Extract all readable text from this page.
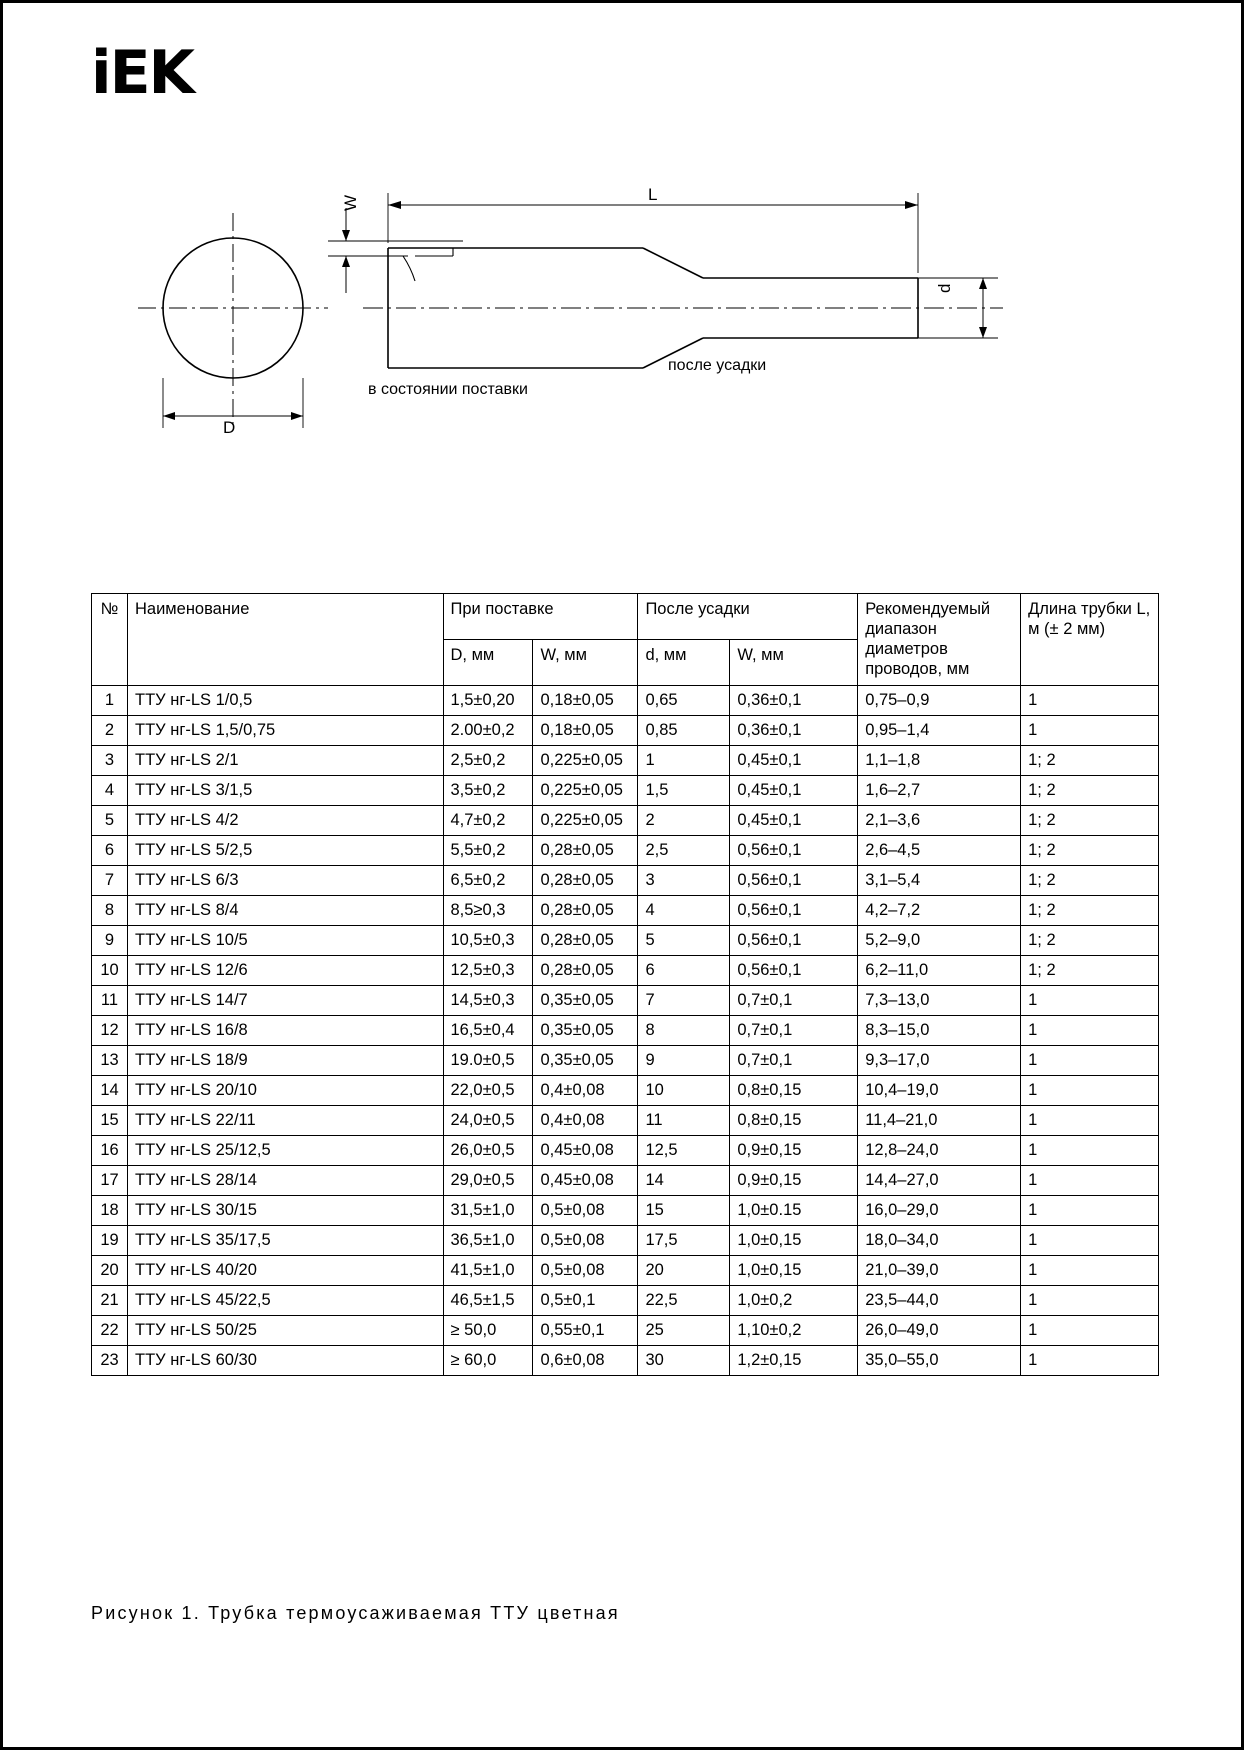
iEK
L
W
D
d
в состоянии поставки
после усадки
№	Наименование	При поставке		После усадки		Рекомендуемый диапазон диаметров проводов, мм	Длина трубки L, м (± 2 мм)
		D, мм	W, мм	d, мм	W, мм		
1	ТТУ нг-LS 1/0,5	1,5±0,20	0,18±0,05	0,65	0,36±0,1	0,75–0,9	1
2	ТТУ нг-LS 1,5/0,75	2.00±0,2	0,18±0,05	0,85	0,36±0,1	0,95–1,4	1
3	ТТУ нг-LS 2/1	2,5±0,2	0,225±0,05	1	0,45±0,1	1,1–1,8	1; 2
4	ТТУ нг-LS 3/1,5	3,5±0,2	0,225±0,05	1,5	0,45±0,1	1,6–2,7	1; 2
5	ТТУ нг-LS 4/2	4,7±0,2	0,225±0,05	2	0,45±0,1	2,1–3,6	1; 2
6	ТТУ нг-LS 5/2,5	5,5±0,2	0,28±0,05	2,5	0,56±0,1	2,6–4,5	1; 2
7	ТТУ нг-LS 6/3	6,5±0,2	0,28±0,05	3	0,56±0,1	3,1–5,4	1; 2
8	ТТУ нг-LS 8/4	8,5≥0,3	0,28±0,05	4	0,56±0,1	4,2–7,2	1; 2
9	ТТУ нг-LS 10/5	10,5±0,3	0,28±0,05	5	0,56±0,1	5,2–9,0	1; 2
10	ТТУ нг-LS 12/6	12,5±0,3	0,28±0,05	6	0,56±0,1	6,2–11,0	1; 2
11	ТТУ нг-LS 14/7	14,5±0,3	0,35±0,05	7	0,7±0,1	7,3–13,0	1
12	ТТУ нг-LS 16/8	16,5±0,4	0,35±0,05	8	0,7±0,1	8,3–15,0	1
13	ТТУ нг-LS 18/9	19.0±0,5	0,35±0,05	9	0,7±0,1	9,3–17,0	1
14	ТТУ нг-LS 20/10	22,0±0,5	0,4±0,08	10	0,8±0,15	10,4–19,0	1
15	ТТУ нг-LS 22/11	24,0±0,5	0,4±0,08	11	0,8±0,15	11,4–21,0	1
16	ТТУ нг-LS 25/12,5	26,0±0,5	0,45±0,08	12,5	0,9±0,15	12,8–24,0	1
17	ТТУ нг-LS 28/14	29,0±0,5	0,45±0,08	14	0,9±0,15	14,4–27,0	1
18	ТТУ нг-LS 30/15	31,5±1,0	0,5±0,08	15	1,0±0.15	16,0–29,0	1
19	ТТУ нг-LS 35/17,5	36,5±1,0	0,5±0,08	17,5	1,0±0,15	18,0–34,0	1
20	ТТУ нг-LS 40/20	41,5±1,0	0,5±0,08	20	1,0±0,15	21,0–39,0	1
21	ТТУ нг-LS 45/22,5	46,5±1,5	0,5±0,1	22,5	1,0±0,2	23,5–44,0	1
22	ТТУ нг-LS 50/25	≥ 50,0	0,55±0,1	25	1,10±0,2	26,0–49,0	1
23	ТТУ нг-LS 60/30	≥ 60,0	0,6±0,08	30	1,2±0,15	35,0–55,0	1
Рисунок 1. Трубка термоусаживаемая ТТУ цветная
